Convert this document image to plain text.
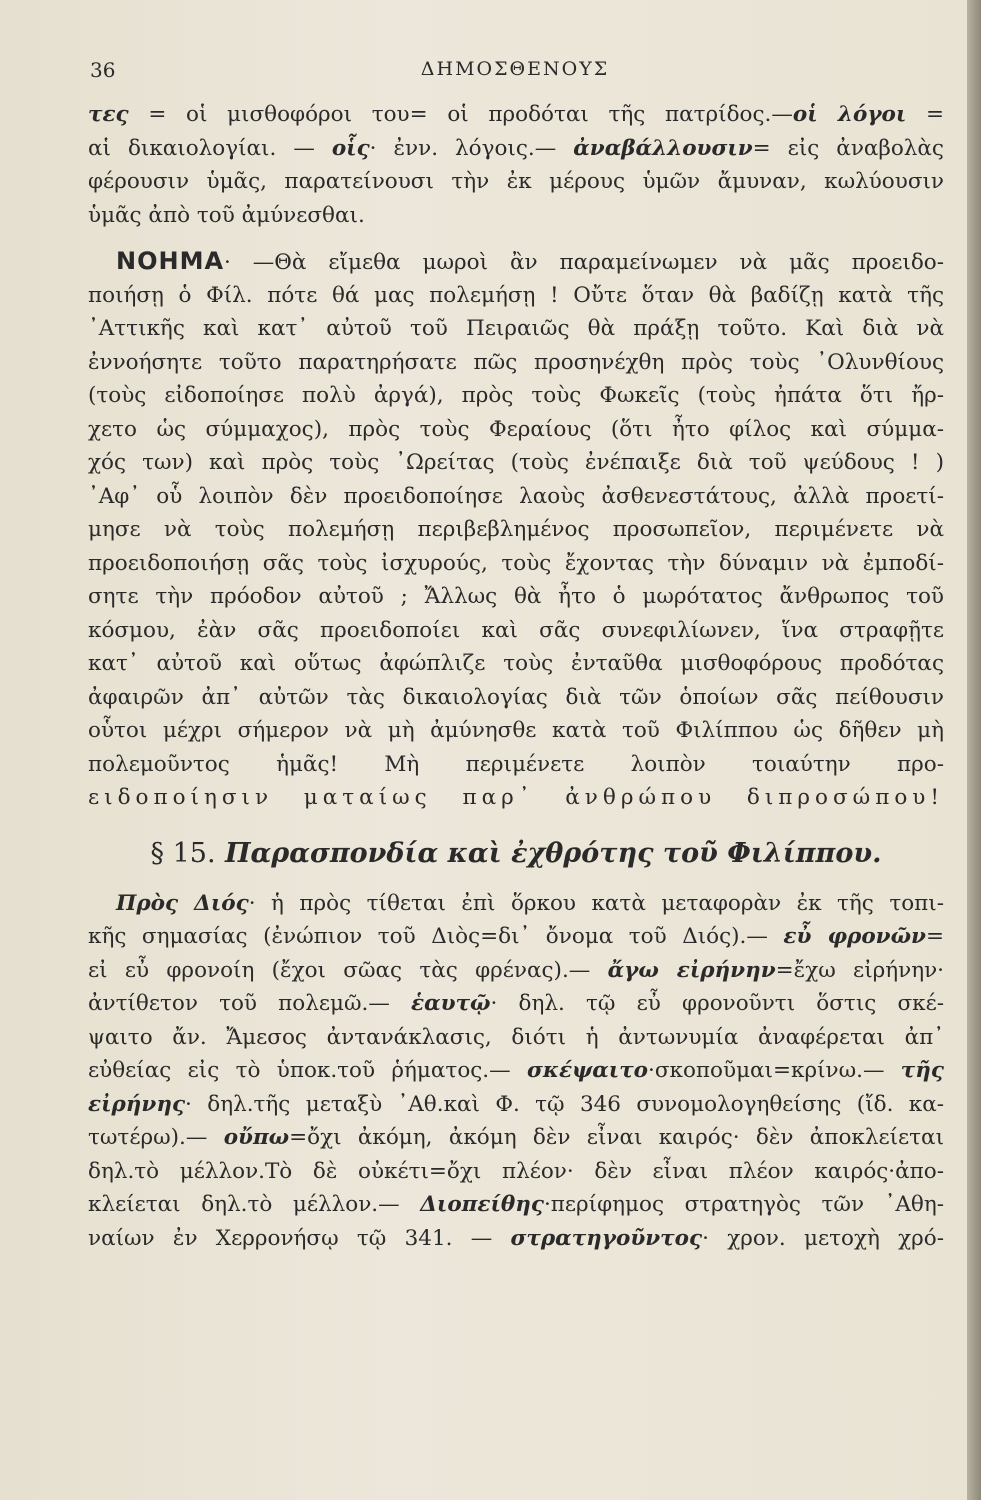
36	ΔΗΜΟΣΘΕΝΟΥΣ
τες = οἱ μισθοφόροι του= οἱ προδόται τῆς πατρίδος.—οἱ λόγοι =
αἱ δικαιολογίαι. — οἷς· ἐνν. λόγοις.— ἀναβάλλουσιν= εἰς ἀναβολὰς
φέρουσιν ὑμᾶς, παρατείνουσι τὴν ἐκ μέρους ὑμῶν ἄμυναν, κωλύουσιν
ὑμᾶς ἀπὸ τοῦ ἀμύνεσθαι.
ΝΟΗΜΑ· —Θὰ εἴμεθα μωροὶ ἂν παραμείνωμεν νὰ μᾶς προειδο-
ποιήσῃ ὁ Φίλ. πότε θά μας πολεμήσῃ ! Οὔτε ὅταν θὰ βαδίζῃ κατὰ τῆς
᾿Αττικῆς καὶ κατ᾿ αὐτοῦ τοῦ Πειραιῶς θὰ πράξῃ τοῦτο. Καὶ διὰ νὰ
ἐννοήσητε τοῦτο παρατηρήσατε πῶς προσηνέχθη πρὸς τοὺς ᾿Ολυνθίους
(τοὺς εἰδοποίησε πολὺ ἀργά), πρὸς τοὺς Φωκεῖς (τοὺς ἠπάτα ὅτι ἤρ-
χετο ὡς σύμμαχος), πρὸς τοὺς Φεραίους (ὅτι ἦτο φίλος καὶ σύμμα-
χός των) καὶ πρὸς τοὺς ᾿Ωρείτας (τοὺς ἐνέπαιξε διὰ τοῦ ψεύδους ! )
᾿Αφ᾿ οὗ λοιπὸν δὲν προειδοποίησε λαοὺς ἀσθενεστάτους, ἀλλὰ προετί-
μησε νὰ τοὺς πολεμήσῃ περιβεβλημένος προσωπεῖον, περιμένετε νὰ
προειδοποιήσῃ σᾶς τοὺς ἰσχυρούς, τοὺς ἔχοντας τὴν δύναμιν νὰ ἐμποδί-
σητε τὴν πρόοδον αὐτοῦ ; Ἄλλως θὰ ἦτο ὁ μωρότατος ἄνθρωπος τοῦ
κόσμου, ἐὰν σᾶς προειδοποίει καὶ σᾶς συνεφιλίωνεν, ἵνα στραφῇτε
κατ᾿ αὐτοῦ καὶ οὕτως ἀφώπλιζε τοὺς ἐνταῦθα μισθοφόρους προδότας
ἀφαιρῶν ἀπ᾿ αὐτῶν τὰς δικαιολογίας διὰ τῶν ὁποίων σᾶς πείθουσιν
οὗτοι μέχρι σήμερον νὰ μὴ ἀμύνησθε κατὰ τοῦ Φιλίππου ὡς δῆθεν μὴ
πολεμοῦντος ἡμᾶς! Μὴ περιμένετε λοιπὸν τοιαύτην προ-
ειδοποίησιν ματαίως παρ᾿ ἀνθρώπου διπροσώπου!
§ 15. Παρασπονδία καὶ ἐχθρότης τοῦ Φιλίππου.
Πρὸς Διός· ἡ πρὸς τίθεται ἐπὶ ὅρκου κατὰ μεταφορὰν ἐκ τῆς τοπι-
κῆς σημασίας (ἐνώπιον τοῦ Διὸς=δι᾿ ὄνομα τοῦ Διός).— εὖ φρονῶν=
εἰ εὖ φρονοίη (ἔχοι σῶας τὰς φρένας).— ἄγω εἰρήνην=ἔχω εἰρήνην·
ἀντίθετον τοῦ πολεμῶ.— ἑαυτῷ· δηλ. τῷ εὖ φρονοῦντι ὅστις σκέ-
ψαιτο ἄν. Ἄμεσος ἀντανάκλασις, διότι ἡ ἀντωνυμία ἀναφέρεται ἀπ᾿
εὐθείας εἰς τὸ ὑποκ.τοῦ ῥήματος.— σκέψαιτο·σκοποῦμαι=κρίνω.— τῆς
εἰρήνης· δηλ.τῆς μεταξὺ ᾿Αθ.καὶ Φ. τῷ 346 συνομολογηθείσης (ἴδ. κα-
τωτέρω).— οὔπω=ὄχι ἀκόμη, ἀκόμη δὲν εἶναι καιρός· δὲν ἀποκλείεται
δηλ.τὸ μέλλον.Τὸ δὲ οὐκέτι=ὄχι πλέον· δὲν εἶναι πλέον καιρός·ἀπο-
κλείεται δηλ.τὸ μέλλον.— Διοπείθης·περίφημος στρατηγὸς τῶν ᾿Αθη-
ναίων ἐν Χερρονήσῳ τῷ 341. — στρατηγοῦντος· χρον. μετοχὴ χρό-
